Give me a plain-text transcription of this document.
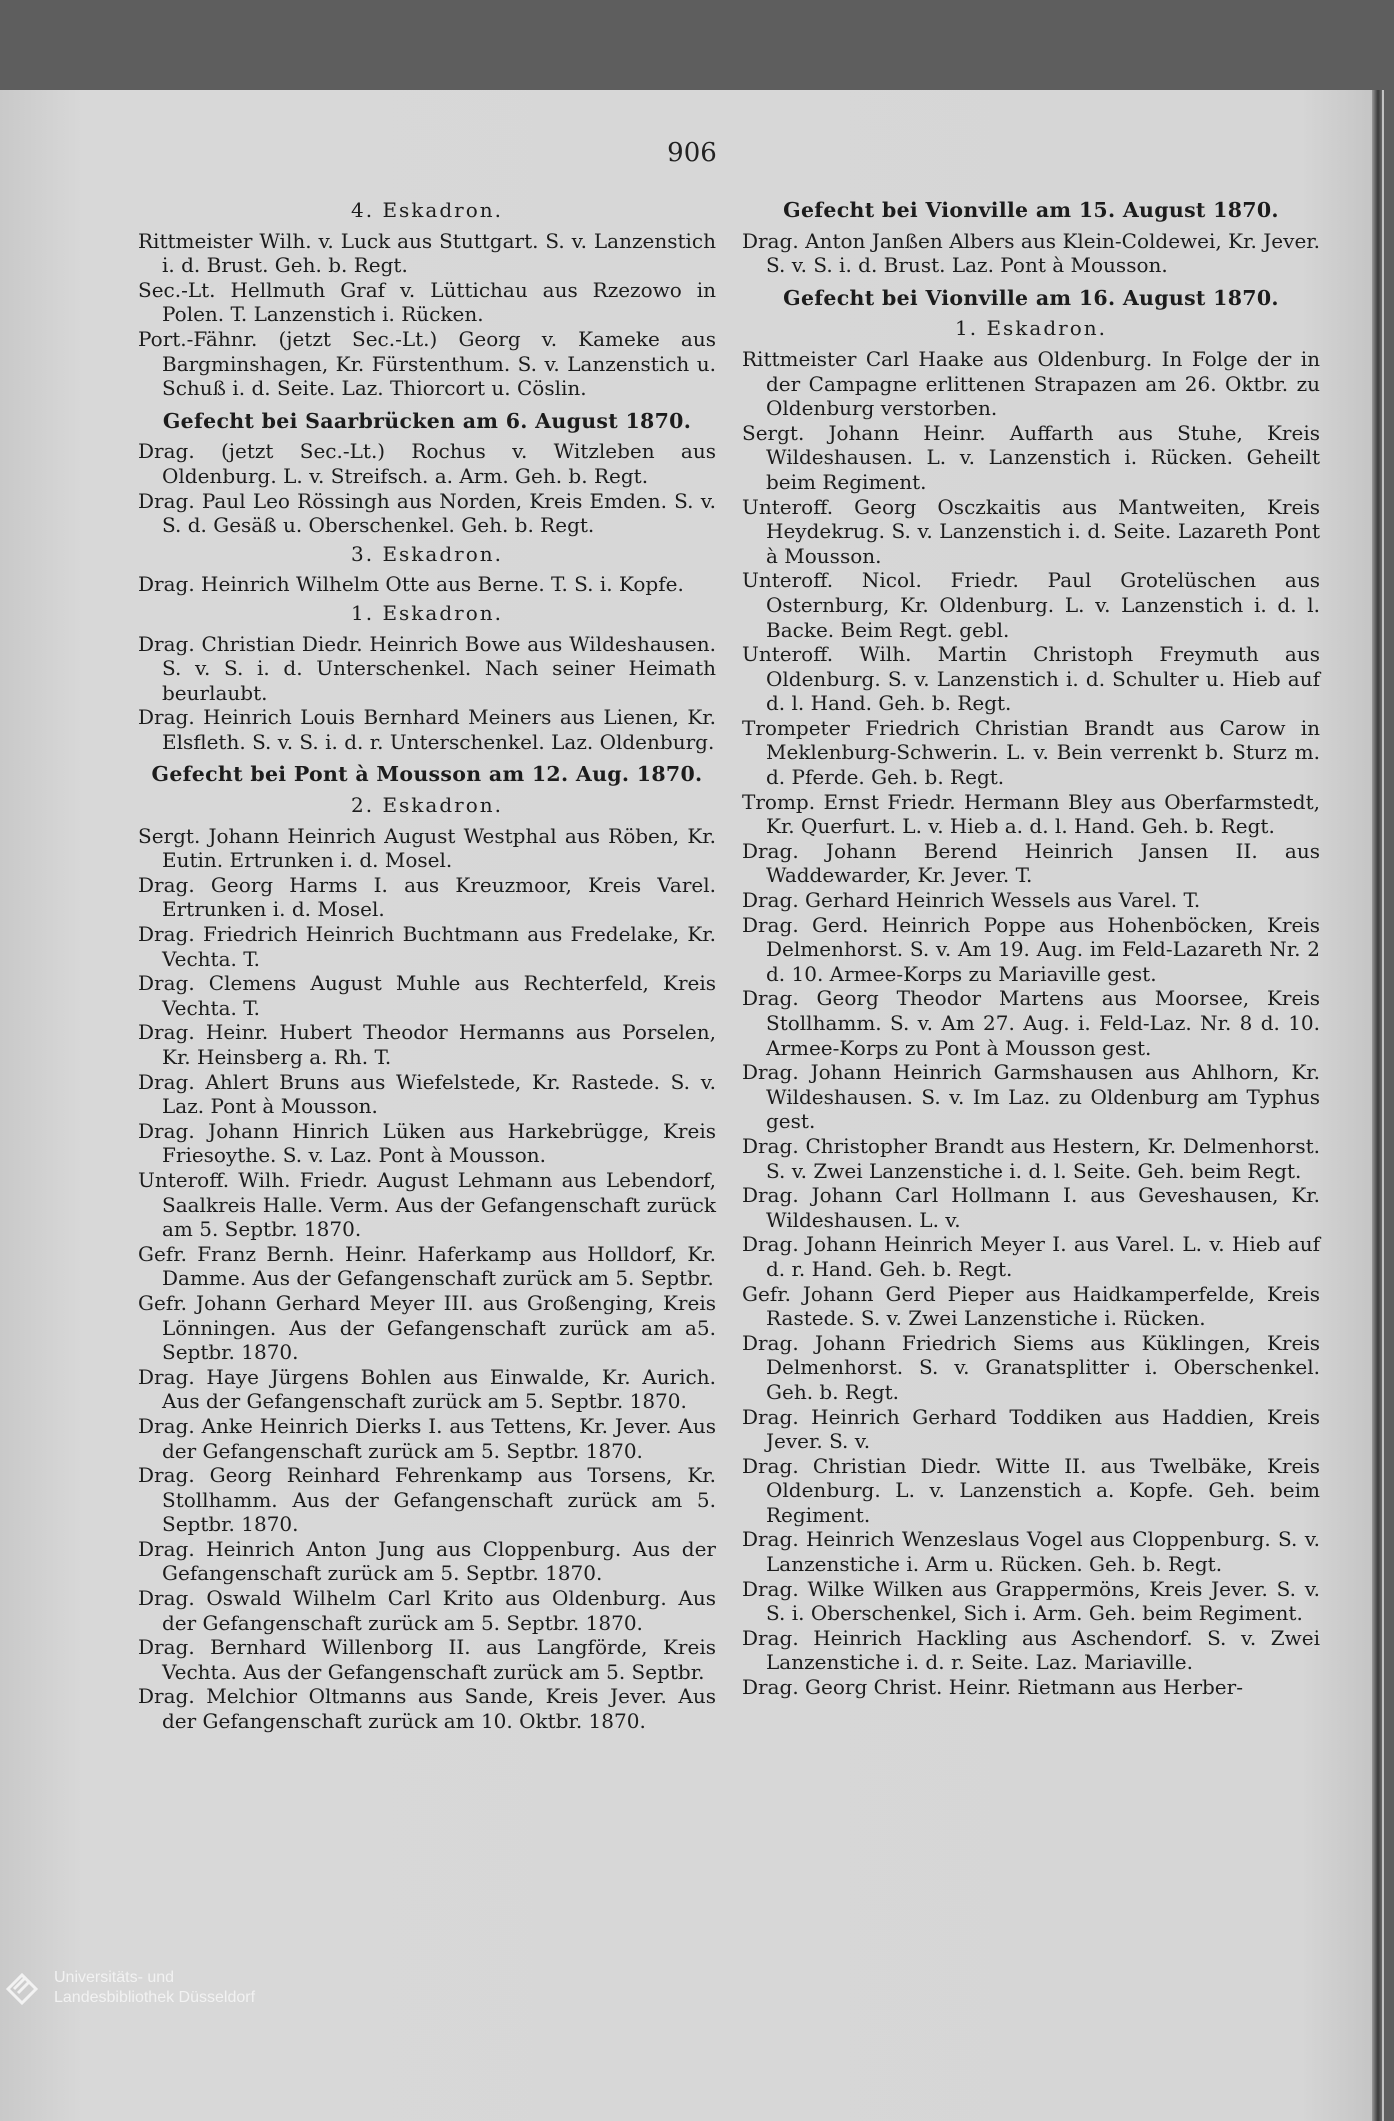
906
4. Eskadron.
Rittmeister Wilh. v. Luck aus Stuttgart. S. v. Lanzenstich i. d. Brust. Geh. b. Regt.
Sec.-Lt. Hellmuth Graf v. Lüttichau aus Rzezowo in Polen. T. Lanzenstich i. Rücken.
Port.-Fähnr. (jetzt Sec.-Lt.) Georg v. Kameke aus Bargminshagen, Kr. Fürstenthum. S. v. Lanzenstich u. Schuß i. d. Seite. Laz. Thiorcort u. Cöslin.
Gefecht bei Saarbrücken am 6. August 1870.
Drag. (jetzt Sec.-Lt.) Rochus v. Witzleben aus Oldenburg. L. v. Streifsch. a. Arm. Geh. b. Regt.
Drag. Paul Leo Rössingh aus Norden, Kreis Emden. S. v. S. d. Gesäß u. Oberschenkel. Geh. b. Regt.
3. Eskadron.
Drag. Heinrich Wilhelm Otte aus Berne. T. S. i. Kopfe.
1. Eskadron.
Drag. Christian Diedr. Heinrich Bowe aus Wildeshausen. S. v. S. i. d. Unterschenkel. Nach seiner Heimath beurlaubt.
Drag. Heinrich Louis Bernhard Meiners aus Lienen, Kr. Elsfleth. S. v. S. i. d. r. Unterschenkel. Laz. Oldenburg.
Gefecht bei Pont à Mousson am 12. Aug. 1870.
2. Eskadron.
Sergt. Johann Heinrich August Westphal aus Röben, Kr. Eutin. Ertrunken i. d. Mosel.
Drag. Georg Harms I. aus Kreuzmoor, Kreis Varel. Ertrunken i. d. Mosel.
Drag. Friedrich Heinrich Buchtmann aus Fredelake, Kr. Vechta. T.
Drag. Clemens August Muhle aus Rechterfeld, Kreis Vechta. T.
Drag. Heinr. Hubert Theodor Hermanns aus Porselen, Kr. Heinsberg a. Rh. T.
Drag. Ahlert Bruns aus Wiefelstede, Kr. Rastede. S. v. Laz. Pont à Mousson.
Drag. Johann Hinrich Lüken aus Harkebrügge, Kreis Friesoythe. S. v. Laz. Pont à Mousson.
Unteroff. Wilh. Friedr. August Lehmann aus Lebendorf, Saalkreis Halle. Verm. Aus der Gefangenschaft zurück am 5. Septbr. 1870.
Gefr. Franz Bernh. Heinr. Haferkamp aus Holldorf, Kr. Damme. Aus der Gefangenschaft zurück am 5. Septbr.
Gefr. Johann Gerhard Meyer III. aus Großenging, Kreis Lönningen. Aus der Gefangenschaft zurück am a5. Septbr. 1870.
Drag. Haye Jürgens Bohlen aus Einwalde, Kr. Aurich. Aus der Gefangenschaft zurück am 5. Septbr. 1870.
Drag. Anke Heinrich Dierks I. aus Tettens, Kr. Jever. Aus der Gefangenschaft zurück am 5. Septbr. 1870.
Drag. Georg Reinhard Fehrenkamp aus Torsens, Kr. Stollhamm. Aus der Gefangenschaft zurück am 5. Septbr. 1870.
Drag. Heinrich Anton Jung aus Cloppenburg. Aus der Gefangenschaft zurück am 5. Septbr. 1870.
Drag. Oswald Wilhelm Carl Krito aus Oldenburg. Aus der Gefangenschaft zurück am 5. Septbr. 1870.
Drag. Bernhard Willenborg II. aus Langförde, Kreis Vechta. Aus der Gefangenschaft zurück am 5. Septbr.
Drag. Melchior Oltmanns aus Sande, Kreis Jever. Aus der Gefangenschaft zurück am 10. Oktbr. 1870.
Gefecht bei Vionville am 15. August 1870.
Drag. Anton Janßen Albers aus Klein-Coldewei, Kr. Jever. S. v. S. i. d. Brust. Laz. Pont à Mousson.
Gefecht bei Vionville am 16. August 1870.
1. Eskadron.
Rittmeister Carl Haake aus Oldenburg. In Folge der in der Campagne erlittenen Strapazen am 26. Oktbr. zu Oldenburg verstorben.
Sergt. Johann Heinr. Auffarth aus Stuhe, Kreis Wildeshausen. L. v. Lanzenstich i. Rücken. Geheilt beim Regiment.
Unteroff. Georg Osczkaitis aus Mantweiten, Kreis Heydekrug. S. v. Lanzenstich i. d. Seite. Lazareth Pont à Mousson.
Unteroff. Nicol. Friedr. Paul Grotelüschen aus Osternburg, Kr. Oldenburg. L. v. Lanzenstich i. d. l. Backe. Beim Regt. gebl.
Unteroff. Wilh. Martin Christoph Freymuth aus Oldenburg. S. v. Lanzenstich i. d. Schulter u. Hieb auf d. l. Hand. Geh. b. Regt.
Trompeter Friedrich Christian Brandt aus Carow in Meklenburg-Schwerin. L. v. Bein verrenkt b. Sturz m. d. Pferde. Geh. b. Regt.
Tromp. Ernst Friedr. Hermann Bley aus Oberfarmstedt, Kr. Querfurt. L. v. Hieb a. d. l. Hand. Geh. b. Regt.
Drag. Johann Berend Heinrich Jansen II. aus Waddewarder, Kr. Jever. T.
Drag. Gerhard Heinrich Wessels aus Varel. T.
Drag. Gerd. Heinrich Poppe aus Hohenböcken, Kreis Delmenhorst. S. v. Am 19. Aug. im Feld-Lazareth Nr. 2 d. 10. Armee-Korps zu Mariaville gest.
Drag. Georg Theodor Martens aus Moorsee, Kreis Stollhamm. S. v. Am 27. Aug. i. Feld-Laz. Nr. 8 d. 10. Armee-Korps zu Pont à Mousson gest.
Drag. Johann Heinrich Garmshausen aus Ahlhorn, Kr. Wildeshausen. S. v. Im Laz. zu Oldenburg am Typhus gest.
Drag. Christopher Brandt aus Hestern, Kr. Delmenhorst. S. v. Zwei Lanzenstiche i. d. l. Seite. Geh. beim Regt.
Drag. Johann Carl Hollmann I. aus Geveshausen, Kr. Wildeshausen. L. v.
Drag. Johann Heinrich Meyer I. aus Varel. L. v. Hieb auf d. r. Hand. Geh. b. Regt.
Gefr. Johann Gerd Pieper aus Haidkamperfelde, Kreis Rastede. S. v. Zwei Lanzenstiche i. Rücken.
Drag. Johann Friedrich Siems aus Küklingen, Kreis Delmenhorst. S. v. Granatsplitter i. Oberschenkel. Geh. b. Regt.
Drag. Heinrich Gerhard Toddiken aus Haddien, Kreis Jever. S. v.
Drag. Christian Diedr. Witte II. aus Twelbäke, Kreis Oldenburg. L. v. Lanzenstich a. Kopfe. Geh. beim Regiment.
Drag. Heinrich Wenzeslaus Vogel aus Cloppenburg. S. v. Lanzenstiche i. Arm u. Rücken. Geh. b. Regt.
Drag. Wilke Wilken aus Grappermöns, Kreis Jever. S. v. S. i. Oberschenkel, Sich i. Arm. Geh. beim Regiment.
Drag. Heinrich Hackling aus Aschendorf. S. v. Zwei Lanzenstiche i. d. r. Seite. Laz. Mariaville.
Drag. Georg Christ. Heinr. Rietmann aus Herber-
Universitäts- und
Landesbibliothek Düsseldorf
